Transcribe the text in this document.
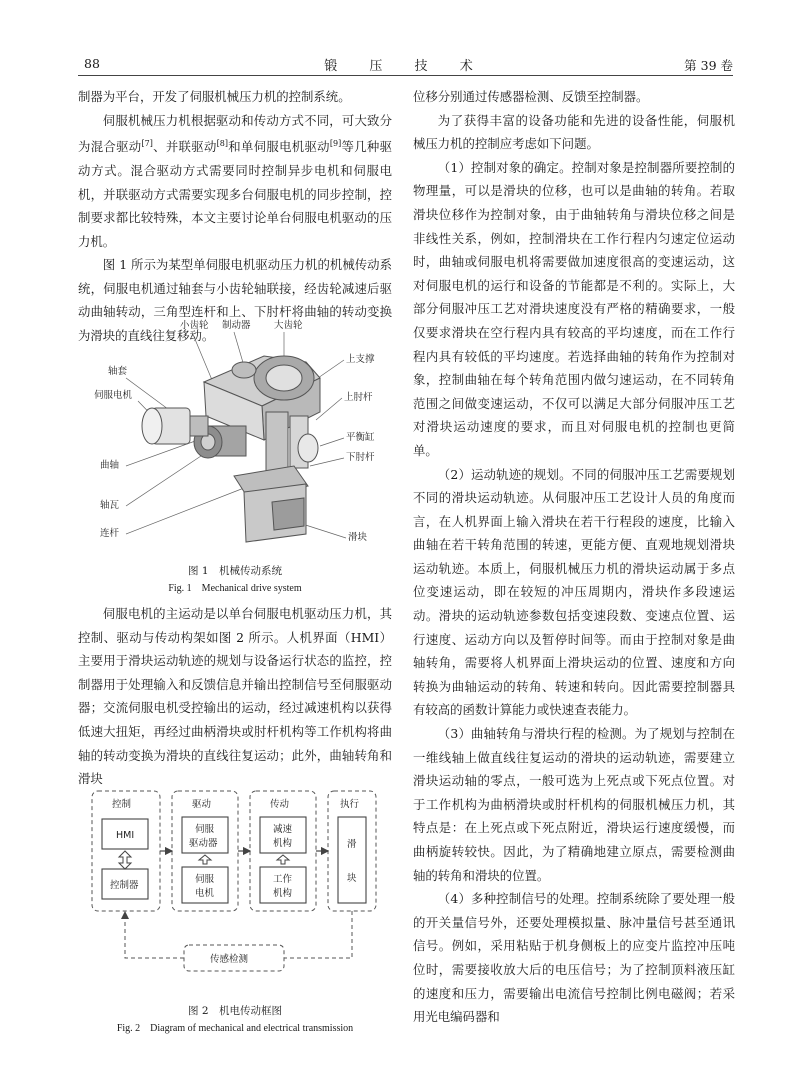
88	锻 压 技 术	第 39 卷

制器为平台，开发了伺服机械压力机的控制系统。

伺服机械压力机根据驱动和传动方式不同，可大致分为混合驱动[7]、并联驱动[8]和单伺服电机驱动[9]等几种驱动方式。混合驱动方式需要同时控制异步电机和伺服电机，并联驱动方式需要实现多台伺服电机的同步控制，控制要求都比较特殊，本文主要讨论单台伺服电机驱动的压力机。

图 1 所示为某型单伺服电机驱动压力机的机械传动系统，伺服电机通过轴套与小齿轮轴联接，经齿轮减速后驱动曲轴转动，三角型连杆和上、下肘杆将曲轴的转动变换为滑块的直线往复移动。

小齿轮 制动器 大齿轮
轴套
伺服电机
上支撑
上肘杆
平衡缸
下肘杆
曲轴
轴瓦
连杆	滑块
图 1　机械传动系统
Fig. 1　Mechanical drive system

伺服电机的主运动是以单台伺服电机驱动压力机，其控制、驱动与传动构架如图 2 所示。人机界面（HMI）主要用于滑块运动轨迹的规划与设备运行状态的监控，控制器用于处理输入和反馈信息并输出控制信号至伺服驱动器；交流伺服电机受控输出的运动，经过减速机构以获得低速大扭矩，再经过曲柄滑块或肘杆机构等工作机构将曲轴的转动变换为滑块的直线往复运动；此外，曲轴转角和滑块

控制	驱动	传动	执行
HMI
控制器
伺服
驱动器
伺服
电机
减速
机构
工作
机构
滑
块
传感检测
图 2　机电传动框图
Fig. 2　Diagram of mechanical and electrical transmission

位移分别通过传感器检测、反馈至控制器。

为了获得丰富的设备功能和先进的设备性能，伺服机械压力机的控制应考虑如下问题。

（1）控制对象的确定。控制对象是控制器所要控制的物理量，可以是滑块的位移，也可以是曲轴的转角。若取滑块位移作为控制对象，由于曲轴转角与滑块位移之间是非线性关系，例如，控制滑块在工作行程内匀速定位运动时，曲轴或伺服电机将需要做加速度很高的变速运动，这对伺服电机的运行和设备的节能都是不利的。实际上，大部分伺服冲压工艺对滑块速度没有严格的精确要求，一般仅要求滑块在空行程内具有较高的平均速度，而在工作行程内具有较低的平均速度。若选择曲轴的转角作为控制对象，控制曲轴在每个转角范围内做匀速运动，在不同转角范围之间做变速运动，不仅可以满足大部分伺服冲压工艺对滑块运动速度的要求，而且对伺服电机的控制也更简单。

（2）运动轨迹的规划。不同的伺服冲压工艺需要规划不同的滑块运动轨迹。从伺服冲压工艺设计人员的角度而言，在人机界面上输入滑块在若干行程段的速度，比输入曲轴在若干转角范围的转速，更能方便、直观地规划滑块运动轨迹。本质上，伺服机械压力机的滑块运动属于多点位变速运动，即在较短的冲压周期内，滑块作多段速运动。滑块的运动轨迹参数包括变速段数、变速点位置、运行速度、运动方向以及暂停时间等。而由于控制对象是曲轴转角，需要将人机界面上滑块运动的位置、速度和方向转换为曲轴运动的转角、转速和转向。因此需要控制器具有较高的函数计算能力或快速查表能力。

（3）曲轴转角与滑块行程的检测。为了规划与控制在一维线轴上做直线往复运动的滑块的运动轨迹，需要建立滑块运动轴的零点，一般可选为上死点或下死点位置。对于工作机构为曲柄滑块或肘杆机构的伺服机械压力机，其特点是：在上死点或下死点附近，滑块运行速度缓慢，而曲柄旋转较快。因此，为了精确地建立原点，需要检测曲轴的转角和滑块的位置。

（4）多种控制信号的处理。控制系统除了要处理一般的开关量信号外，还要处理模拟量、脉冲量信号甚至通讯信号。例如，采用粘贴于机身侧板上的应变片监控冲压吨位时，需要接收放大后的电压信号；为了控制顶料液压缸的速度和压力，需要输出电流信号控制比例电磁阀；若采用光电编码器和
